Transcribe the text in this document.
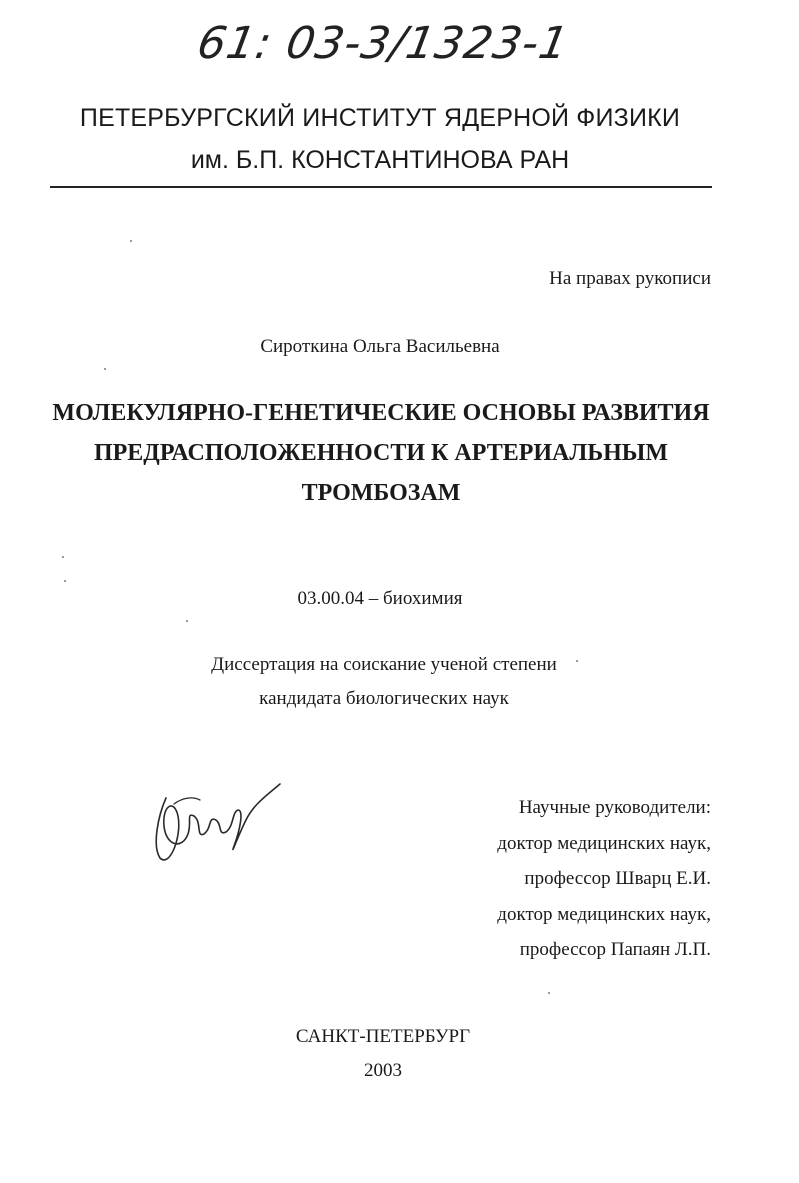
61: 03-3/1323-1
ПЕТЕРБУРГСКИЙ ИНСТИТУТ ЯДЕРНОЙ ФИЗИКИ
им. Б.П. КОНСТАНТИНОВА РАН
На правах рукописи
Сироткина Ольга Васильевна
МОЛЕКУЛЯРНО-ГЕНЕТИЧЕСКИЕ ОСНОВЫ РАЗВИТИЯ
ПРЕДРАСПОЛОЖЕННОСТИ К АРТЕРИАЛЬНЫМ
ТРОМБОЗАМ
03.00.04 – биохимия
Диссертация на соискание ученой степени
кандидата биологических наук
Научные руководители:
доктор медицинских наук,
профессор Шварц Е.И.
доктор медицинских наук,
профессор Папаян Л.П.
САНКТ-ПЕТЕРБУРГ
2003
